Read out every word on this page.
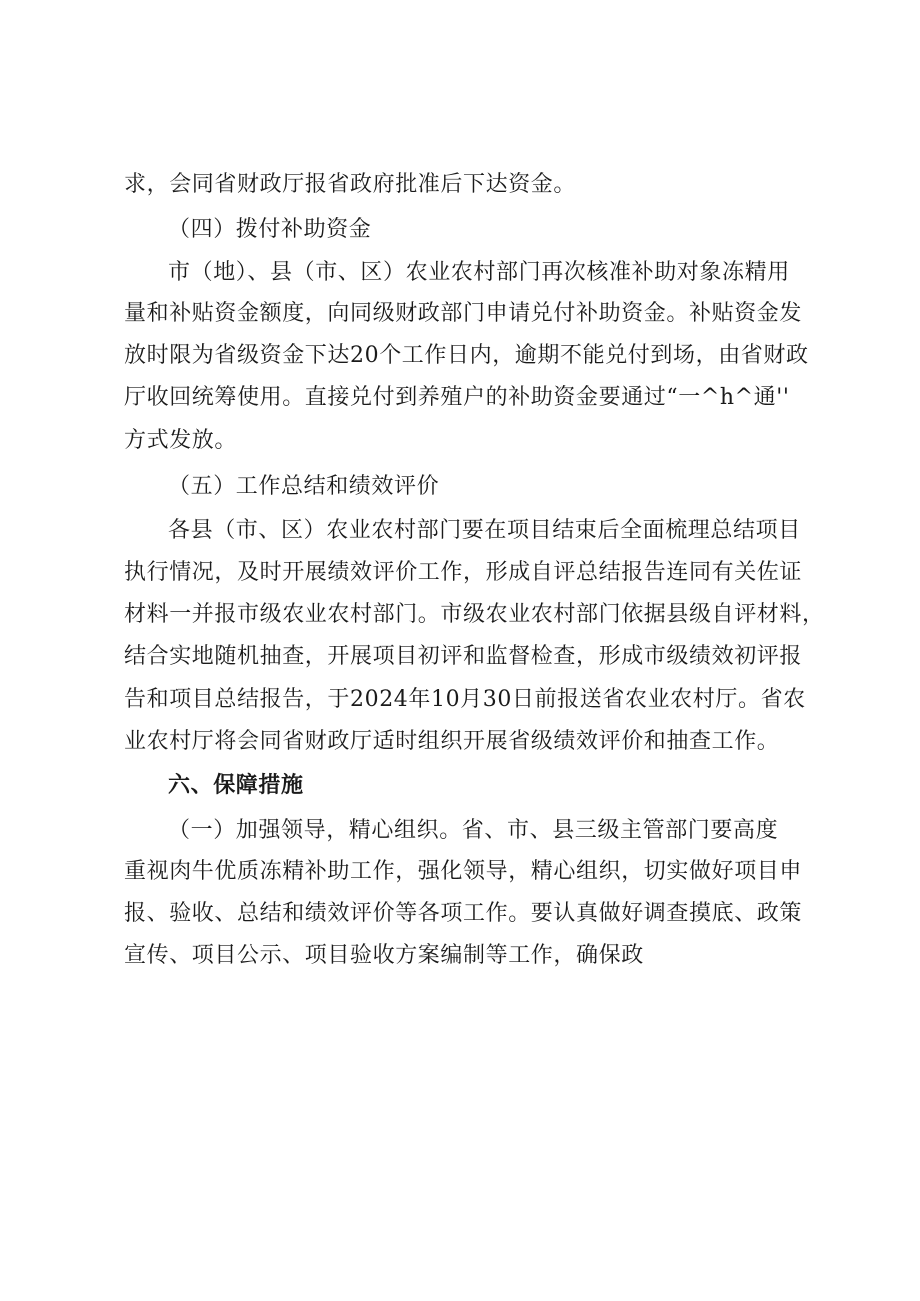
求，会同省财政厅报省政府批准后下达资金。
（四）拨付补助资金
市（地）、县（市、区）农业农村部门再次核准补助对象冻精用
量和补贴资金额度，向同级财政部门申请兑付补助资金。补贴资金发
放时限为省级资金下达20个工作日内，逾期不能兑付到场，由省财政
厅收回统筹使用。直接兑付到养殖户的补助资金要通过“一^h^通''
方式发放。
（五）工作总结和绩效评价
各县（市、区）农业农村部门要在项目结束后全面梳理总结项目
执行情况，及时开展绩效评价工作，形成自评总结报告连同有关佐证
材料一并报市级农业农村部门。市级农业农村部门依据县级自评材料，
结合实地随机抽查，开展项目初评和监督检查，形成市级绩效初评报
告和项目总结报告，于2024年10月30日前报送省农业农村厅。省农
业农村厅将会同省财政厅适时组织开展省级绩效评价和抽查工作。
六、保障措施
（一）加强领导，精心组织。省、市、县三级主管部门要高度
重视肉牛优质冻精补助工作，强化领导，精心组织，切实做好项目申
报、验收、总结和绩效评价等各项工作。要认真做好调查摸底、政策
宣传、项目公示、项目验收方案编制等工作，确保政
